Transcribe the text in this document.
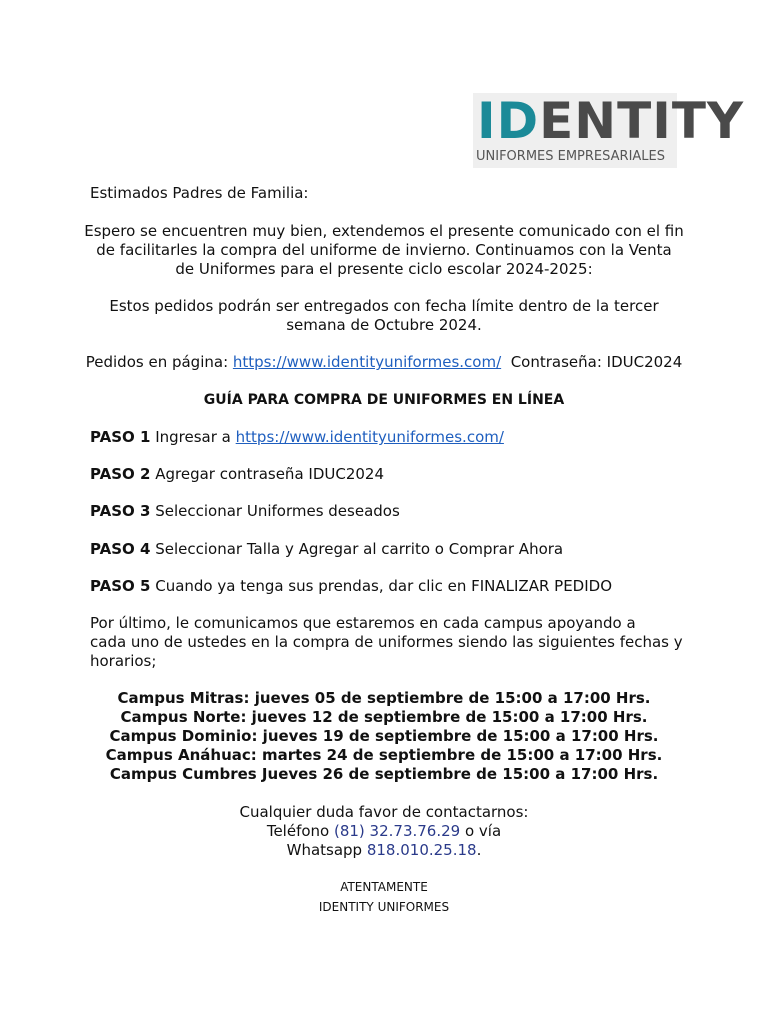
IDENTITY
UNIFORMES EMPRESARIALES
Estimados Padres de Familia:
Espero se encuentren muy bien, extendemos el presente comunicado con el fin
de facilitarles la compra del uniforme de invierno. Continuamos con la Venta
de Uniformes para el presente ciclo escolar 2024-2025:
Estos pedidos podrán ser entregados con fecha límite dentro de la tercer
semana de Octubre 2024.
Pedidos en página: https://www.identityuniformes.com/ Contraseña: IDUC2024
GUÍA PARA COMPRA DE UNIFORMES EN LÍNEA
PASO 1 Ingresar a https://www.identityuniformes.com/
PASO 2 Agregar contraseña IDUC2024
PASO 3 Seleccionar Uniformes deseados
PASO 4 Seleccionar Talla y Agregar al carrito o Comprar Ahora
PASO 5 Cuando ya tenga sus prendas, dar clic en FINALIZAR PEDIDO
Por último, le comunicamos que estaremos en cada campus apoyando a
cada uno de ustedes en la compra de uniformes siendo las siguientes fechas y
horarios;
Campus Mitras: jueves 05 de septiembre de 15:00 a 17:00 Hrs.
Campus Norte: jueves 12 de septiembre de 15:00 a 17:00 Hrs.
Campus Dominio: jueves 19 de septiembre de 15:00 a 17:00 Hrs.
Campus Anáhuac: martes 24 de septiembre de 15:00 a 17:00 Hrs.
Campus Cumbres Jueves 26 de septiembre de 15:00 a 17:00 Hrs.
Cualquier duda favor de contactarnos:
Teléfono (81) 32.73.76.29 o vía
Whatsapp 818.010.25.18.
ATENTAMENTE
IDENTITY UNIFORMES
